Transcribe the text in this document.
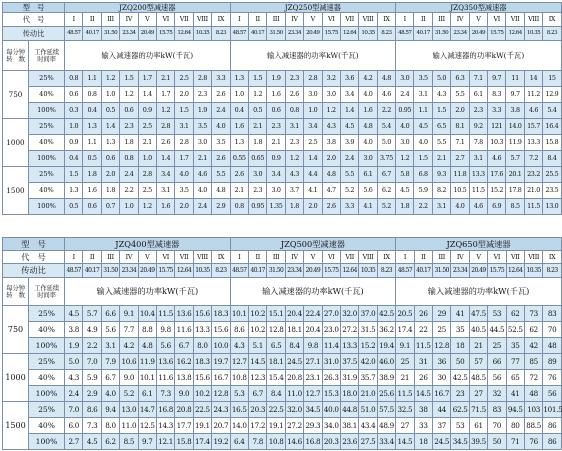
型　号		JZQ200型减速器									JZQ250型减速器									JZQ350型减速器								
代　号		I	II	III	IV	V	VI	VII	VIII	IX	I	II	III	IV	V	VI	VII	VIII	IX	I	II	III	IV	V	VI	VII	VIII	IX
传动比		48.57	40.17	31.50	23.34	20.49	15.75	12.64	10.35	8.23	48.57	40.17	31.50	23.34	20.49	15.75	12.64	10.35	8.23	48.57	40.17	31.50	23.34	20.49	15.75	12.64	10.35	8.23
每分钟
转　数	工作延续
时间率	输入减速器的功率kW(千瓦)									输入减速器的功率kW(千瓦)									输入减速器的功率kW(千瓦)								
750	25%	0.8	1.1	1.2	1.5	1.7	2.1	2.5	2.8	3.3	1.3	1.5	1.9	2.3	2.8	3.2	3.6	4.2	4.8	3.0	3.5	5.0	6.3	7.1	9.7	11	14	15
	40%	0.6	0.8	1.0	1.2	1.4	1.7	2.0	2.3	2.6	1.0	1.2	1.6	2.6	3.0	3.0	3.4	4.0	4.6	2.4	3.1	4.3	5.5	6.1	8.3	9.7	11.2	12.9
	100%	0.3	0.4	0.5	0.6	0.9	1.2	1.5	1.9	2.4	0.4	0.5	0.6	0.8	1.0	1.2	1.4	1.6	2.2	0.95	1.1	1.5	2.0	2.3	3.3	3.8	4.6	5.4
1000	25%	1.0	1.3	1.4	2.3	2.5	2.8	3.1	3.5	4.0	1.6	2.1	2.3	3.1	3.4	4.3	4.5	4.8	5.4	4.0	4.5	6.5	8.1	9.2	121	14.0	15.7	16.4
	40%	0.9	1.1	1.3	1.8	2.1	2.6	2.8	3.0	3.5	1.3	1.8	2.1	2.3	2.5	3.8	3.9	4.0	5.0	3.0	4.0	5.5	7.1	7.8	10.3	11.9	13.3	15.8
	100%	0.4	0.5	0.6	0.8	1.0	1.4	1.7	2.1	2.6	0.55	0.65	0.9	1.2	1.4	2.0	2.4	3.0	3.75	1.2	1.5	2.1	2.7	3.1	4.6	5.7	7.2	8.4
1500	25%	1.5	1.8	2.0	2.4	2.8	3.4	4.0	4.6	5.5	2.6	3.0	3.4	4.3	4.4	4.8	5.5	6.1	6.7	5.8	6.8	9.3	11.8	13.3	17.6	20.1	23.2	25.5
	40%	1.3	1.6	1.8	2.2	2.5	3.1	3.5	4.0	4.8	2.1	2.3	3.0	3.7	4.1	4.7	5.2	5.6	6.2	4.5	5.9	8.2	10.5	11.5	15.2	17.8	21.0	23.5
	100%	0.5	0.6	0.7	1.0	1.2	1.6	2.0	2.4	2.9	0.8	0.95	1.35	1.8	2.0	2.6	3.3	4.1	5.2	1.8	2.2	3.1	4.0	4.6	6.9	8.5	11.5	13.0
型　号		JZQ400型减速器									JZQ500型减速器									JZQ650型减速器								
代　号		I	II	III	IV	V	VI	VII	VIII	IX	I	II	III	IV	V	VI	VII	VIII	IX	I	II	III	IV	V	VI	VII	VIII	IX
传动比		48.57	40.17	31.50	23.34	20.49	15.75	12.64	10.35	8.23	48.57	40.17	31.50	23.34	20.49	15.75	12.64	10.35	8.23	48.57	40.17	31.50	23.34	20.49	15.75	12.64	10.35	8.23
每分钟
转　数	工作延续
时间率	输入减速器的功率kW(千瓦)									输入减速器的功率kW(千瓦)									输入减速器的功率kW(千瓦)								
750	25%	4.5	5.7	6.6	9.1	10.4	11.5	13.6	15.6	18.3	10.1	10.2	15.1	20.4	22.4	27.0	32.0	37.0	42.5	20.5	26	29	41	47.5	53	62	73	83
	40%	3.8	4.9	5.6	7.7	8.8	9.8	11.6	13.3	15.6	8.6	10.2	12.8	18.1	20.4	23.0	27.2	31.5	36.2	17.4	22	25	35	40.5	44.5	52.5	62	70
	100%	1.9	2.2	3.1	4.2	4.8	5.6	6.7	8.0	10.0	4.3	5.1	6.5	8.4	9.8	11.4	13.3	15.2	19.4	9.1	11.5	12.8	18	21	25	35	42	48
1000	25%	5.0	7.0	7.9	10.6	11.9	13.6	16.2	18.3	19.7	12.7	14.5	18.1	24.5	27.1	31.0	37.5	42.0	46.0	25	31	36	50	57	66	77	85	89
	40%	4.3	5.9	6.7	9.0	10.1	11.6	13.8	15.6	16.7	10.8	12.3	15.4	20.8	23.1	26.3	31.9	35.7	38.9	21	26	30	42.5	48.5	56	65	72	76
	100%	2.4	2.9	4.0	5.2	6.1	7.3	9.0	10.2	12.8	5.3	6.7	8.4	11.0	12.7	15.3	18.0	21.0	25.6	11.5	14.5	16.7	23	27	32	41	48	56
1500	25%	7.0	8.6	9.4	13.0	14.7	16.8	20.8	22.5	24.3	16.5	20.3	22.5	32.0	34.5	40.0	44.8	51.0	57.5	32.5	38	44	62.5	71.5	83	94.5	103	101.5
	40%	6.0	7.3	8.0	11.0	12.5	14.3	17.7	19.1	20.7	14.0	17.2	19.1	27.2	29.3	34.0	38.1	43.4	48.9	27	33	37	53	61	70	80	88.5	86
	100%	2.7	4.5	6.2	8.5	9.7	12.1	15.8	17.4	19.2	6.4	7.8	10.8	14.6	16.8	20.3	23.6	27.5	33.4	14.5	18	24.5	34.5	39.5	50	71	76	86
